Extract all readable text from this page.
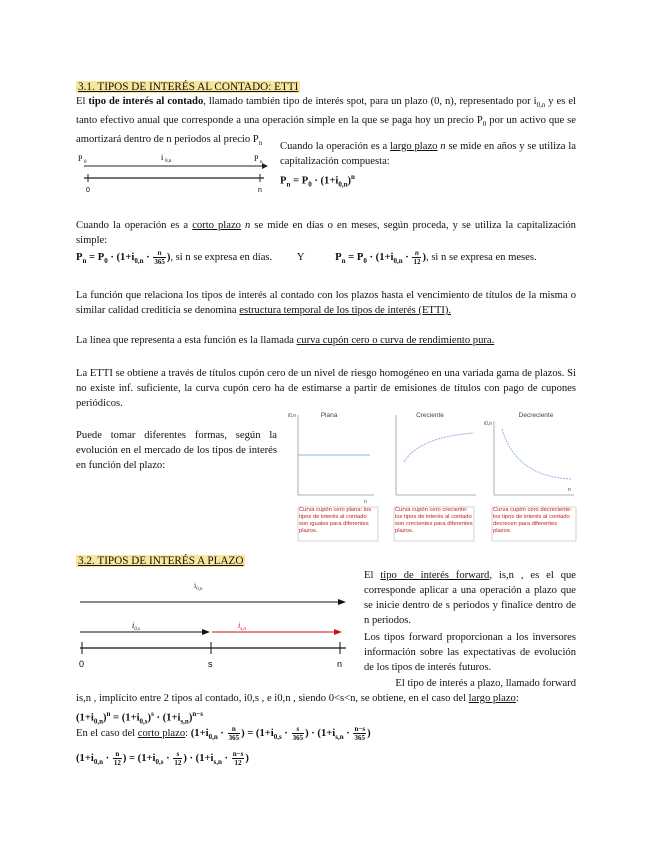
3.1. TIPOS DE INTERÉS AL CONTADO: ETTI
El tipo de interés al contado, llamado también tipo de interés spot, para un plazo (0, n), representado por $i_{0,n}$ y es el tanto efectivo anual que corresponde a una operación simple en la que se paga hoy un precio $P_0$ por un activo que se amortizará dentro de n periodos al precio $P_n$
P 0
i 0,n	P n
0	n
Cuando la operación es a largo plazo n se mide en años y se utiliza la capitalización compuesta:
$P_n = P_0 \cdot (1+i_{0,n})^n$
Cuando la operación es a corto plazo n se mide en días o en meses, según proceda, y se utiliza la capitalización simple:
$P_n = P_0 \cdot (1+i_{0,n} \cdot \frac{n}{365}$ ), si n se expresa en días. Y	$P_n = P_0 \cdot (1+i_{0,n} \cdot \frac{n}{12}$ ), si n se expresa en meses.
La función que relaciona los tipos de interés al contado con los plazos hasta el vencimiento de títulos de la misma o similar calidad crediticia se denomina estructura temporal de los tipos de interés (ETTI).
La línea que representa a esta función es la llamada curva cupón cero o curva de rendimiento pura.
La ETTI se obtiene a través de títulos cupón cero de un nivel de riesgo homogéneo en una variada gama de plazos. Si no existe inf. suficiente, la curva cupón cero ha de estimarse a partir de emisiones de títulos con pago de cupones periódicos.
Puede tomar diferentes formas, según la evolución en el mercado de los tipos de interés en función del plazo:
Plana
i0,n
n
Curva cupón cero plana: los tipos de interés al contado son iguales para diferentes plazos.
Creciente
Curva cupón cero creciente: los tipos de interés al contado son crecientes para diferentes plazos.
Decreciente
i0,n
n
Curva cupón cero decreciente: los tipos de interés al contado decrecen para diferentes plazos.
3.2. TIPOS DE INTERÉS A PLAZO
$i_{0,n}$
$i_{0,s}$	$i_{s,n}$
0	s	n
El tipo de interés forward, is,n , es el que corresponde aplicar a una operación a plazo que se inicie dentro de s periodos y finalice dentro de n periodos.
Los tipos forward proporcionan a los inversores información sobre las expectativas de evolución de los tipos de interés futuros.
El tipo de interés a plazo, llamado forward
is,n , implícito entre 2 tipos al contado, i0,s , e i0,n , siendo 0<s<n, se obtiene, en el caso del largo plazo:
$(1+i_{0,n})^n = (1+i_{0,s})^s \cdot (1+i_{s,n})^{n-s}$
En el caso del corto plazo: ($1+i_{0,n} \cdot \frac{n}{365}$ ) = ($1+i_{0,s} \cdot \frac{s}{365}$ ) · ($1+i_{s,n} \cdot \frac{n-s}{365}$ )
($1+i_{0,n} \cdot \frac{n}{12}$ ) = ($1+i_{0,s} \cdot \frac{s}{12}$ ) · ($1+i_{s,n} \cdot \frac{n-s}{12}$ )
